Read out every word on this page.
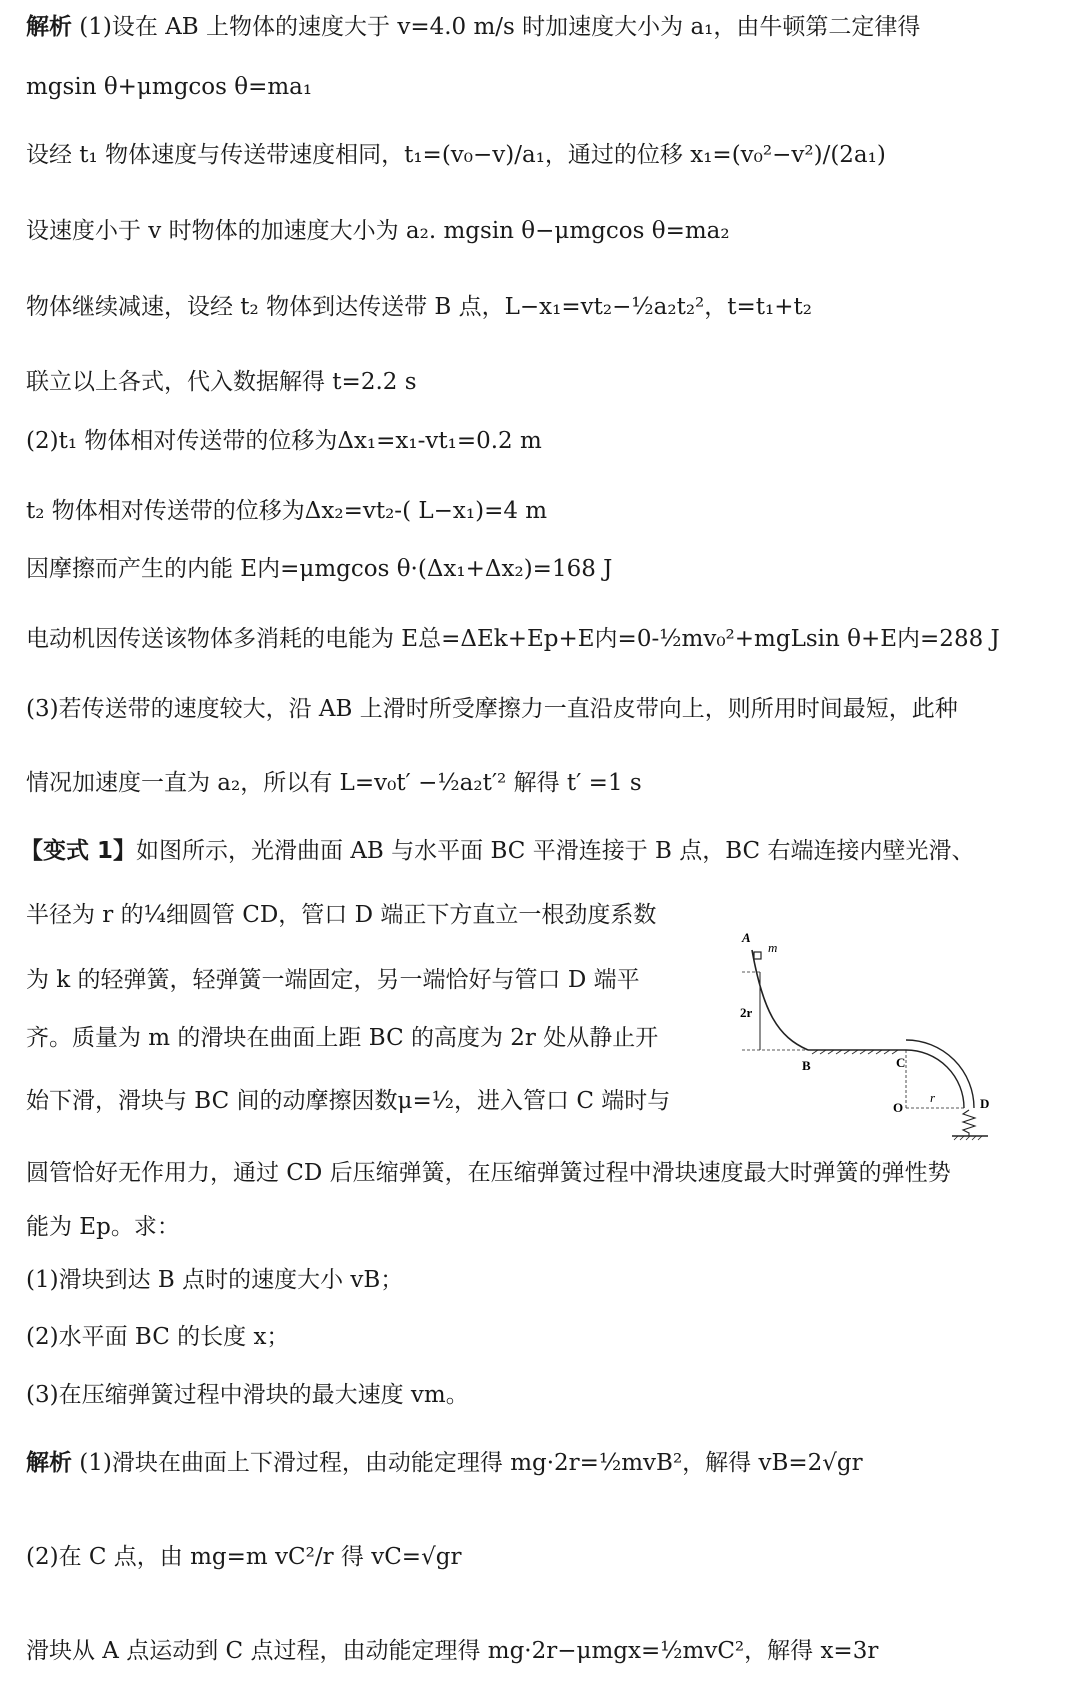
解析 (1)设在 AB 上物体的速度大于 v=4.0 m/s 时加速度大小为 a₁，由牛顿第二定律得
mgsin θ+μmgcos θ=ma₁
设经 t₁ 物体速度与传送带速度相同，t₁=(v₀−v)/a₁，通过的位移 x₁=(v₀²−v²)/(2a₁)
设速度小于 v 时物体的加速度大小为 a₂. mgsin θ−μmgcos θ=ma₂
物体继续减速，设经 t₂ 物体到达传送带 B 点，L−x₁=vt₂−½a₂t₂²，t=t₁+t₂
联立以上各式，代入数据解得 t=2.2 s
(2)t₁ 物体相对传送带的位移为Δx₁=x₁-vt₁=0.2 m
t₂ 物体相对传送带的位移为Δx₂=vt₂-( L−x₁)=4 m
因摩擦而产生的内能 E内=μmgcos θ·(Δx₁+Δx₂)=168 J
电动机因传送该物体多消耗的电能为 E总=ΔEk+Ep+E内=0-½mv₀²+mgLsin θ+E内=288 J
(3)若传送带的速度较大，沿 AB 上滑时所受摩擦力一直沿皮带向上，则所用时间最短，此种
情况加速度一直为 a₂，所以有 L=v₀t′ −½a₂t′² 解得 t′ =1 s
【变式 1】如图所示，光滑曲面 AB 与水平面 BC 平滑连接于 B 点，BC 右端连接内壁光滑、
半径为 r 的¼细圆管 CD，管口 D 端正下方直立一根劲度系数
为 k 的轻弹簧，轻弹簧一端固定，另一端恰好与管口 D 端平
齐。质量为 m 的滑块在曲面上距 BC 的高度为 2r 处从静止开
始下滑，滑块与 BC 间的动摩擦因数μ=½，进入管口 C 端时与
圆管恰好无作用力，通过 CD 后压缩弹簧，在压缩弹簧过程中滑块速度最大时弹簧的弹性势
能为 Ep。求：
(1)滑块到达 B 点时的速度大小 vB；
(2)水平面 BC 的长度 x；
(3)在压缩弹簧过程中滑块的最大速度 vm。
A
m
2r
B	C
O
r	D
解析 (1)滑块在曲面上下滑过程，由动能定理得 mg·2r=½mvB²，解得 vB=2√gr
(2)在 C 点，由 mg=m vC²/r 得 vC=√gr
滑块从 A 点运动到 C 点过程，由动能定理得 mg·2r−μmgx=½mvC²，解得 x=3r
